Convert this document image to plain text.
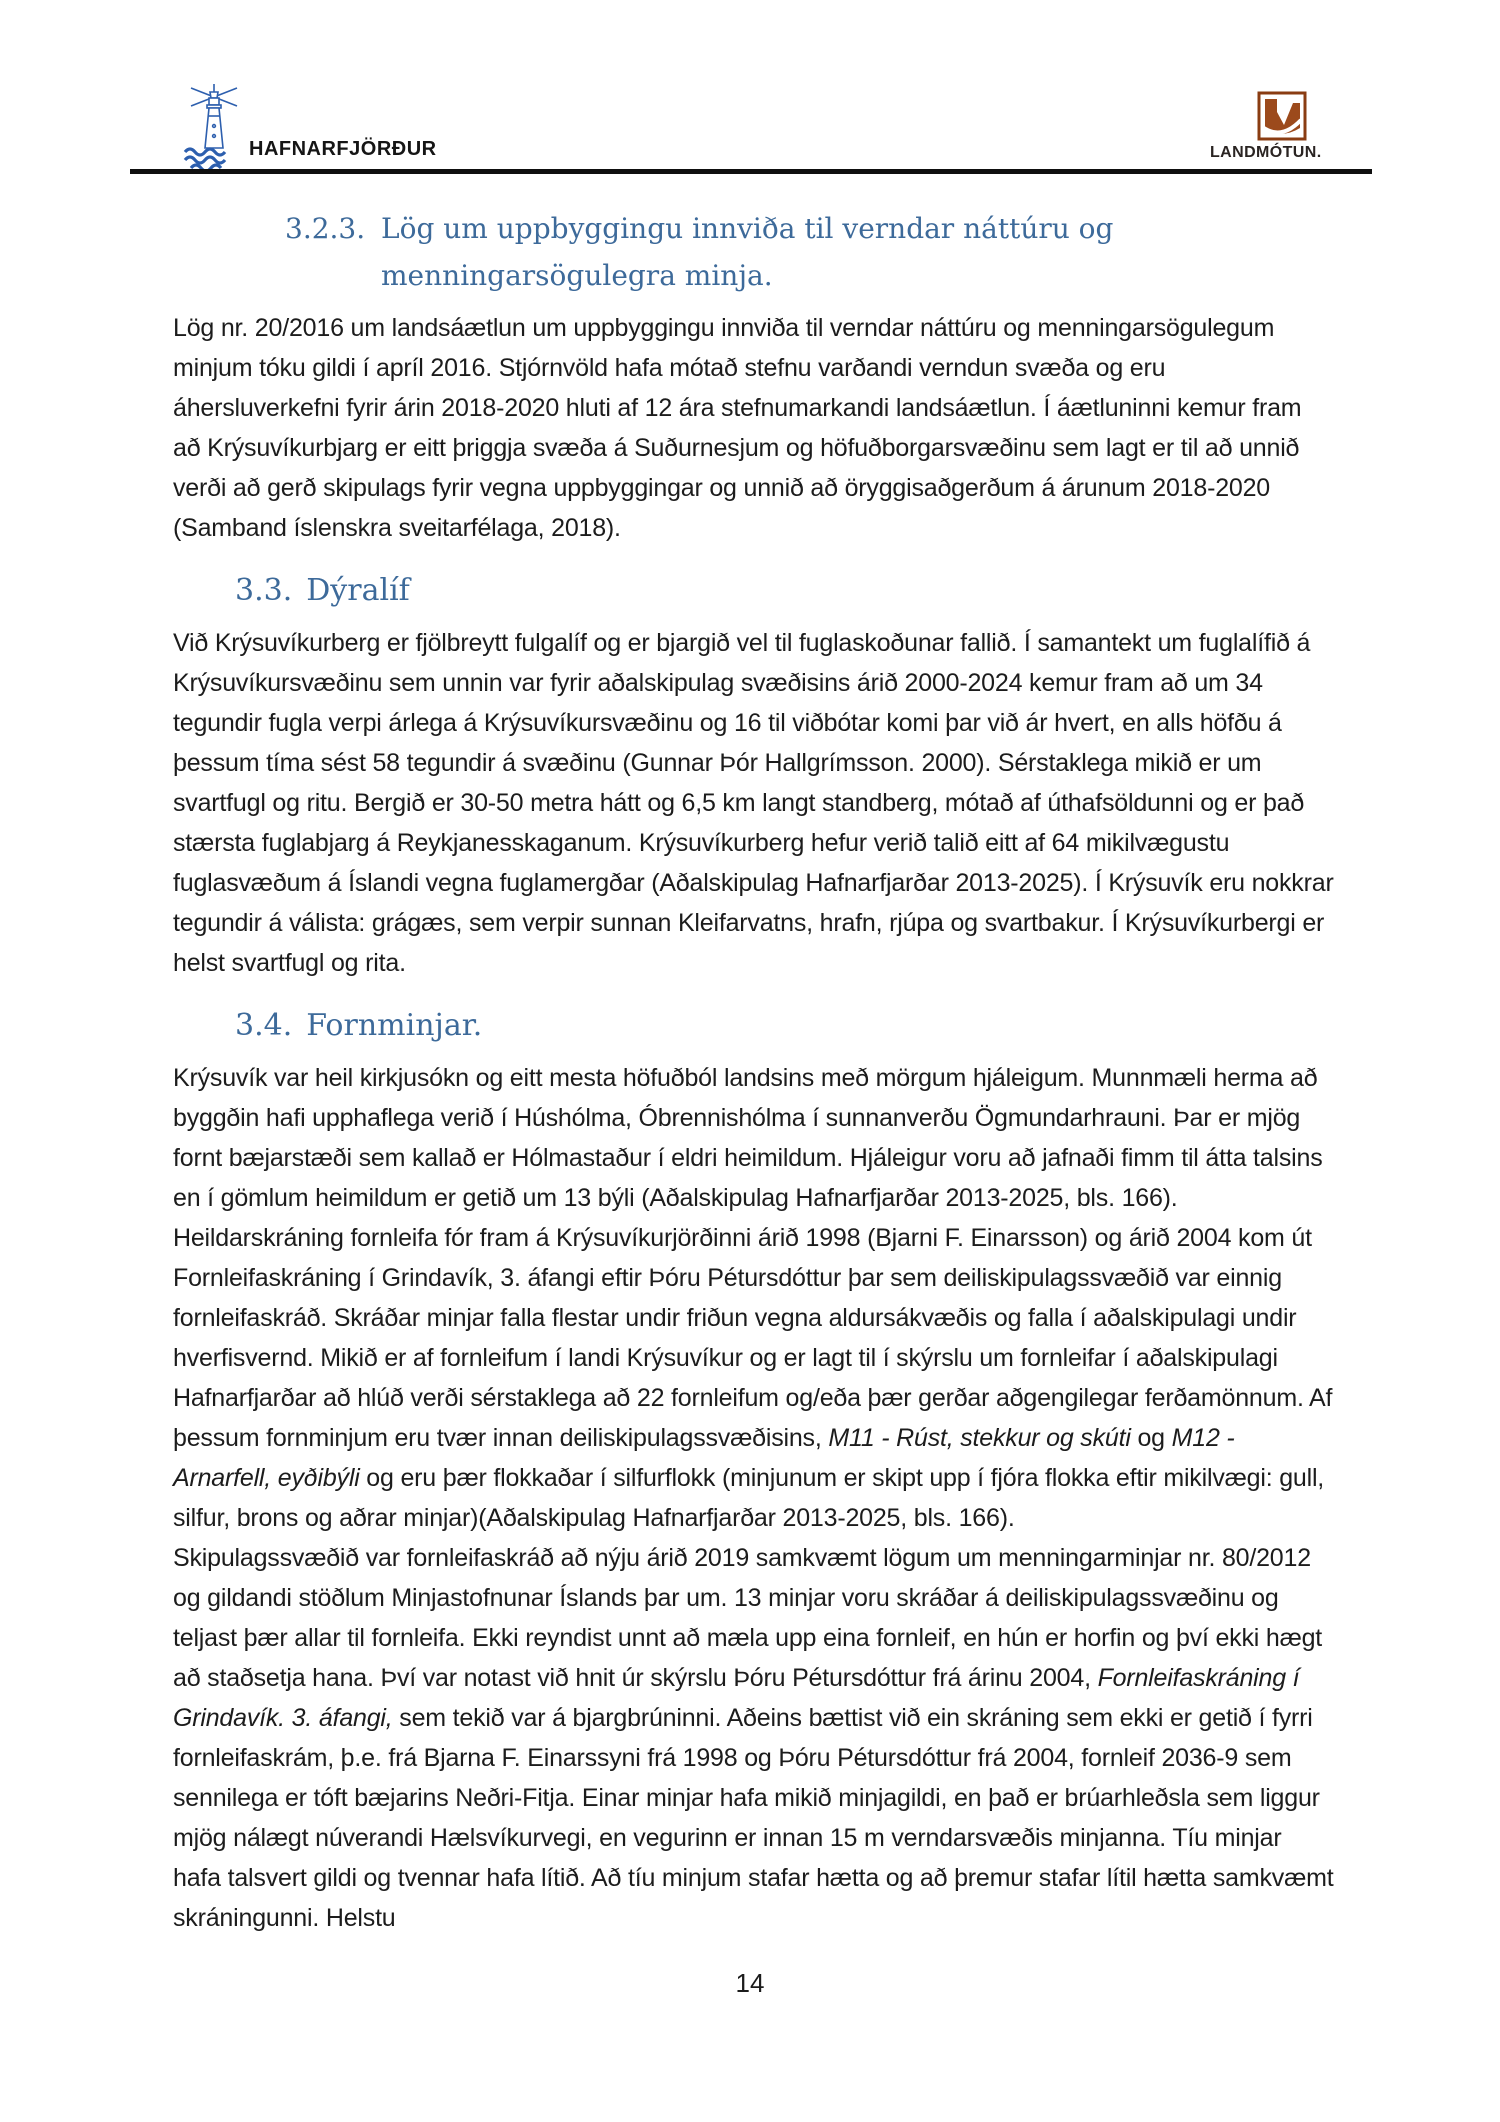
HAFNARFJÖRÐUR	LANDMÓTUN.
3.2.3. Lög um uppbyggingu innviða til verndar náttúru og menningarsögulegra minja.

Lög nr. 20/2016 um landsáætlun um uppbyggingu innviða til verndar náttúru og menningarsögulegum minjum tóku gildi í apríl 2016. Stjórnvöld hafa mótað stefnu varðandi verndun svæða og eru áhersluverkefni fyrir árin 2018-2020 hluti af 12 ára stefnumarkandi landsáætlun. Í áætluninni kemur fram að Krýsuvíkurbjarg er eitt þriggja svæða á Suðurnesjum og höfuðborgarsvæðinu sem lagt er til að unnið verði að gerð skipulags fyrir vegna uppbyggingar og unnið að öryggisaðgerðum á árunum 2018-2020 (Samband íslenskra sveitarfélaga, 2018).

3.3. Dýralíf

Við Krýsuvíkurberg er fjölbreytt fulgalíf og er bjargið vel til fuglaskoðunar fallið. Í samantekt um fuglalífið á Krýsuvíkursvæðinu sem unnin var fyrir aðalskipulag svæðisins árið 2000-2024 kemur fram að um 34 tegundir fugla verpi árlega á Krýsuvíkursvæðinu og 16 til viðbótar komi þar við ár hvert, en alls höfðu á þessum tíma sést 58 tegundir á svæðinu (Gunnar Þór Hallgrímsson. 2000). Sérstaklega mikið er um svartfugl og ritu. Bergið er 30-50 metra hátt og 6,5 km langt standberg, mótað af úthafsöldunni og er það stærsta fuglabjarg á Reykjanesskaganum. Krýsuvíkurberg hefur verið talið eitt af 64 mikilvægustu fuglasvæðum á Íslandi vegna fuglamergðar (Aðalskipulag Hafnarfjarðar 2013-2025). Í Krýsuvík eru nokkrar tegundir á válista: grágæs, sem verpir sunnan Kleifarvatns, hrafn, rjúpa og svartbakur. Í Krýsuvíkurbergi er helst svartfugl og rita.

3.4. Fornminjar.

Krýsuvík var heil kirkjusókn og eitt mesta höfuðból landsins með mörgum hjáleigum. Munnmæli herma að byggðin hafi upphaflega verið í Húshólma, Óbrennishólma í sunnanverðu Ögmundarhrauni. Þar er mjög fornt bæjarstæði sem kallað er Hólmastaður í eldri heimildum. Hjáleigur voru að jafnaði fimm til átta talsins en í gömlum heimildum er getið um 13 býli (Aðalskipulag Hafnarfjarðar 2013-2025, bls. 166).

Heildarskráning fornleifa fór fram á Krýsuvíkurjörðinni árið 1998 (Bjarni F. Einarsson) og árið 2004 kom út Fornleifaskráning í Grindavík, 3. áfangi eftir Þóru Pétursdóttur þar sem deiliskipulagssvæðið var einnig fornleifaskráð. Skráðar minjar falla flestar undir friðun vegna aldursákvæðis og falla í aðalskipulagi undir hverfisvernd. Mikið er af fornleifum í landi Krýsuvíkur og er lagt til í skýrslu um fornleifar í aðalskipulagi Hafnarfjarðar að hlúð verði sérstaklega að 22 fornleifum og/eða þær gerðar aðgengilegar ferðamönnum. Af þessum fornminjum eru tvær innan deiliskipulagssvæðisins, M11 - Rúst, stekkur og skúti og M12 - Arnarfell, eyðibýli og eru þær flokkaðar í silfurflokk (minjunum er skipt upp í fjóra flokka eftir mikilvægi: gull, silfur, brons og aðrar minjar)(Aðalskipulag Hafnarfjarðar 2013-2025, bls. 166).

Skipulagssvæðið var fornleifaskráð að nýju árið 2019 samkvæmt lögum um menningarminjar nr. 80/2012 og gildandi stöðlum Minjastofnunar Íslands þar um. 13 minjar voru skráðar á deiliskipulagssvæðinu og teljast þær allar til fornleifa. Ekki reyndist unnt að mæla upp eina fornleif, en hún er horfin og því ekki hægt að staðsetja hana. Því var notast við hnit úr skýrslu Þóru Pétursdóttur frá árinu 2004, Fornleifaskráning í Grindavík. 3. áfangi, sem tekið var á bjargbrúninni. Aðeins bættist við ein skráning sem ekki er getið í fyrri fornleifaskrám, þ.e. frá Bjarna F. Einarssyni frá 1998 og Þóru Pétursdóttur frá 2004, fornleif 2036-9 sem sennilega er tóft bæjarins Neðri-Fitja. Einar minjar hafa mikið minjagildi, en það er brúarhleðsla sem liggur mjög nálægt núverandi Hælsvíkurvegi, en vegurinn er innan 15 m verndarsvæðis minjanna. Tíu minjar hafa talsvert gildi og tvennar hafa lítið. Að tíu minjum stafar hætta og að þremur stafar lítil hætta samkvæmt skráningunni. Helstu

14
